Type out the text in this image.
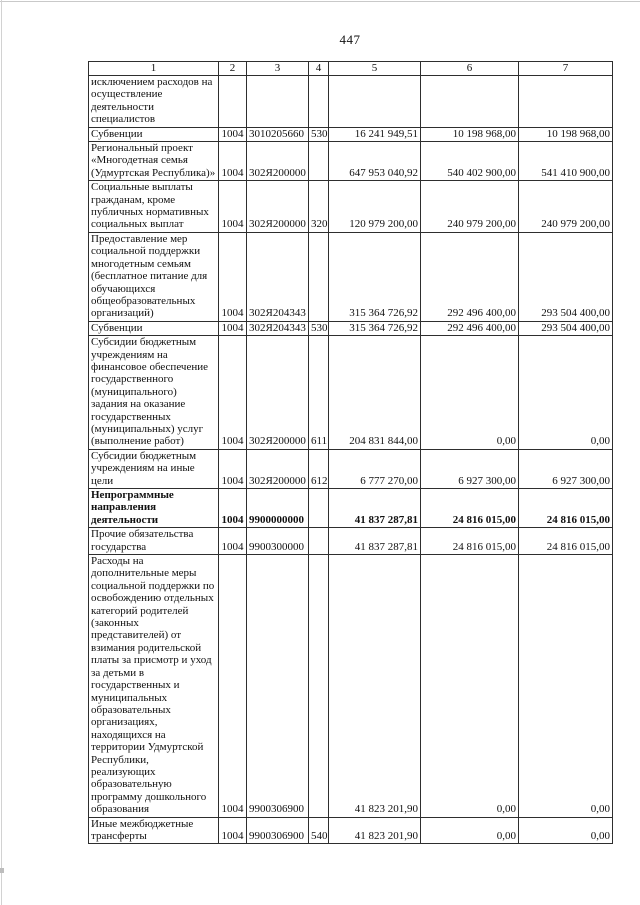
447
1	2	3	4	5	6	7
исключением расходов на осуществление деятельности специалистов						
Субвенции	1004	3010205660	530	16 241 949,51	10 198 968,00	10 198 968,00
Региональный проект «Многодетная семья (Удмуртская Республика)»	1004	302Я200000		647 953 040,92	540 402 900,00	541 410 900,00
Социальные выплаты гражданам, кроме публичных нормативных социальных выплат	1004	302Я200000	320	120 979 200,00	240 979 200,00	240 979 200,00
Предоставление мер социальной поддержки многодетным семьям (бесплатное питание для обучающихся общеобразовательных организаций)	1004	302Я204343		315 364 726,92	292 496 400,00	293 504 400,00
Субвенции	1004	302Я204343	530	315 364 726,92	292 496 400,00	293 504 400,00
Субсидии бюджетным учреждениям на финансовое обеспечение государственного (муниципального) задания на оказание государственных (муниципальных) услуг (выполнение работ)	1004	302Я200000	611	204 831 844,00	0,00	0,00
Субсидии бюджетным учреждениям на иные цели	1004	302Я200000	612	6 777 270,00	6 927 300,00	6 927 300,00
Непрограммные направления деятельности	1004	9900000000		41 837 287,81	24 816 015,00	24 816 015,00
Прочие обязательства государства	1004	9900300000		41 837 287,81	24 816 015,00	24 816 015,00
Расходы на дополнительные меры социальной поддержки по освобождению отдельных категорий родителей (законных представителей) от взимания родительской платы за присмотр и уход за детьми в государственных и муниципальных образовательных организациях, находящихся на территории Удмуртской Республики, реализующих образовательную программу дошкольного образования	1004	9900306900		41 823 201,90	0,00	0,00
Иные межбюджетные трансферты	1004	9900306900	540	41 823 201,90	0,00	0,00
